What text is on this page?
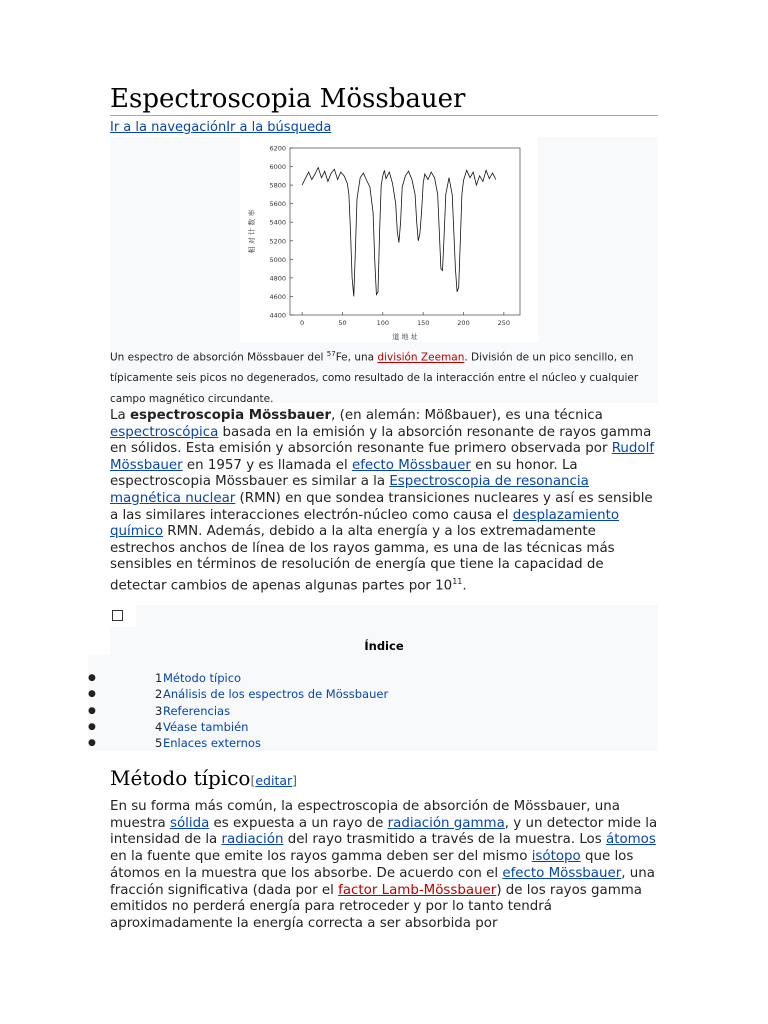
Espectroscopia Mössbauer
Ir a la navegaciónIr a la búsqueda
4400
4600
4800
5000
5200
5400
5600
5800
6000
6200
0	50	100	150	200	250
道 地 址
相 对 计 数 率
Un espectro de absorción Mössbauer del $^{57}$Fe, una división Zeeman. División de un pico sencillo, en típicamente seis picos no degenerados, como resultado de la interacción entre el núcleo y cualquier campo magnético circundante.
La espectroscopia Mössbauer, (en alemán: Mößbauer), es una técnica espectroscópica basada en la emisión y la absorción resonante de rayos gamma en sólidos. Esta emisión y absorción resonante fue primero observada por Rudolf Mössbauer en 1957 y es llamada el efecto Mössbauer en su honor. La espectroscopia Mössbauer es similar a la Espectroscopia de resonancia magnética nuclear (RMN) en que sondea transiciones nucleares y así es sensible a las similares interacciones electrón-núcleo como causa el desplazamiento químico RMN. Además, debido a la alta energía y a los extremadamente estrechos anchos de línea de los rayos gamma, es una de las técnicas más sensibles en términos de resolución de energía que tiene la capacidad de detectar cambios de apenas algunas partes por $10^{11}$.
Índice
●	1 Método típico
●	2 Análisis de los espectros de Mössbauer
●	3 Referencias
●	4 Véase también
●	5 Enlaces externos
Método típico[editar]
En su forma más común, la espectroscopia de absorción de Mössbauer, una muestra sólida es expuesta a un rayo de radiación gamma, y un detector mide la intensidad de la radiación del rayo trasmitido a través de la muestra. Los átomos en la fuente que emite los rayos gamma deben ser del mismo isótopo que los átomos en la muestra que los absorbe. De acuerdo con el efecto Mössbauer, una fracción significativa (dada por el factor Lamb-Mössbauer) de los rayos gamma emitidos no perderá energía para retroceder y por lo tanto tendrá aproximadamente la energía correcta a ser absorbida por
